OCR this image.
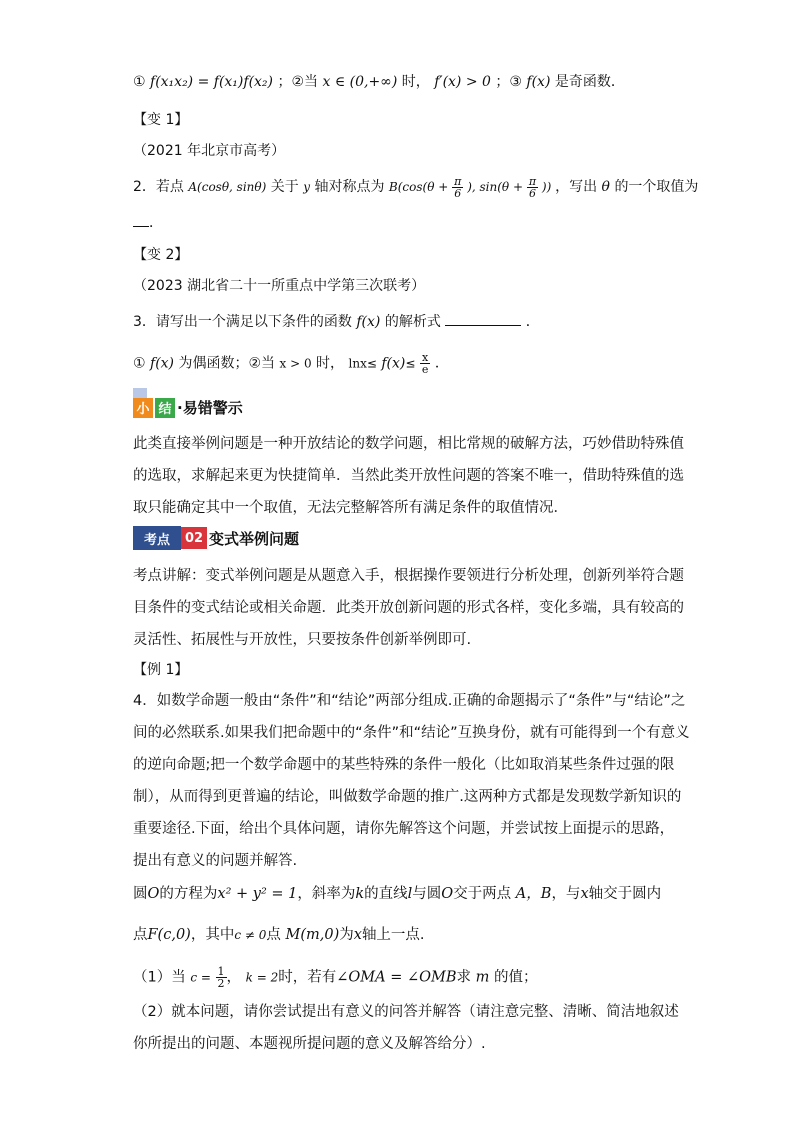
① f(x₁x₂) = f(x₁)f(x₂) ；②当 x ∈ (0,+∞) 时， f′(x) > 0 ；③ f(x) 是奇函数．
【变 1】
（2021 年北京市高考）
2．若点 A(cosθ, sinθ) 关于 y 轴对称点为 $B(\cos(\theta + \frac{\pi}{6}$ ), $\sin(\theta + \frac{\pi}{6}$ )) ，写出 θ 的一个取值为
．
【变 2】
（2023 湖北省二十一所重点中学第三次联考）
3．请写出一个满足以下条件的函数 f(x) 的解析式	．
① f(x) 为偶函数；②当 x > 0 时， $\ln x\le f(x)\le \frac{x}{e}$ ．
小 结 ·易错警示
此类直接举例问题是一种开放结论的数学问题，相比常规的破解方法，巧妙借助特殊值
的选取，求解起来更为快捷简单．当然此类开放性问题的答案不唯一，借助特殊值的选
取只能确定其中一个取值，无法完整解答所有满足条件的取值情况．
考点	02 变式举例问题
考点讲解：变式举例问题是从题意入手，根据操作要领进行分析处理，创新列举符合题
目条件的变式结论或相关命题．此类开放创新问题的形式各样，变化多端，具有较高的
灵活性、拓展性与开放性，只要按条件创新举例即可.
【例 1】
4．如数学命题一般由“条件”和“结论”两部分组成.正确的命题揭示了“条件”与“结论”之
间的必然联系.如果我们把命题中的“条件”和“结论”互换身份，就有可能得到一个有意义
的逆向命题;把一个数学命题中的某些特殊的条件一般化（比如取消某些条件过强的限
制），从而得到更普遍的结论，叫做数学命题的推广.这两种方式都是发现数学新知识的
重要途径.下面，给出个具体问题，请你先解答这个问题，并尝试按上面提示的思路，
提出有意义的问题并解答.
圆O的方程为x² + y² = 1，斜率为k的直线l与圆O交于两点 A，B，与x轴交于圆内
点F(c,0)，其中c ≠ 0点 M(m,0)为x轴上一点.
（1）当 $c = \frac{1}{2}$ ， k = 2时，若有∠OMA = ∠OMB求 m 的值；
（2）就本问题，请你尝试提出有意义的问答并解答（请注意完整、清晰、简洁地叙述
你所提出的问题、本题视所提问题的意义及解答给分）.
